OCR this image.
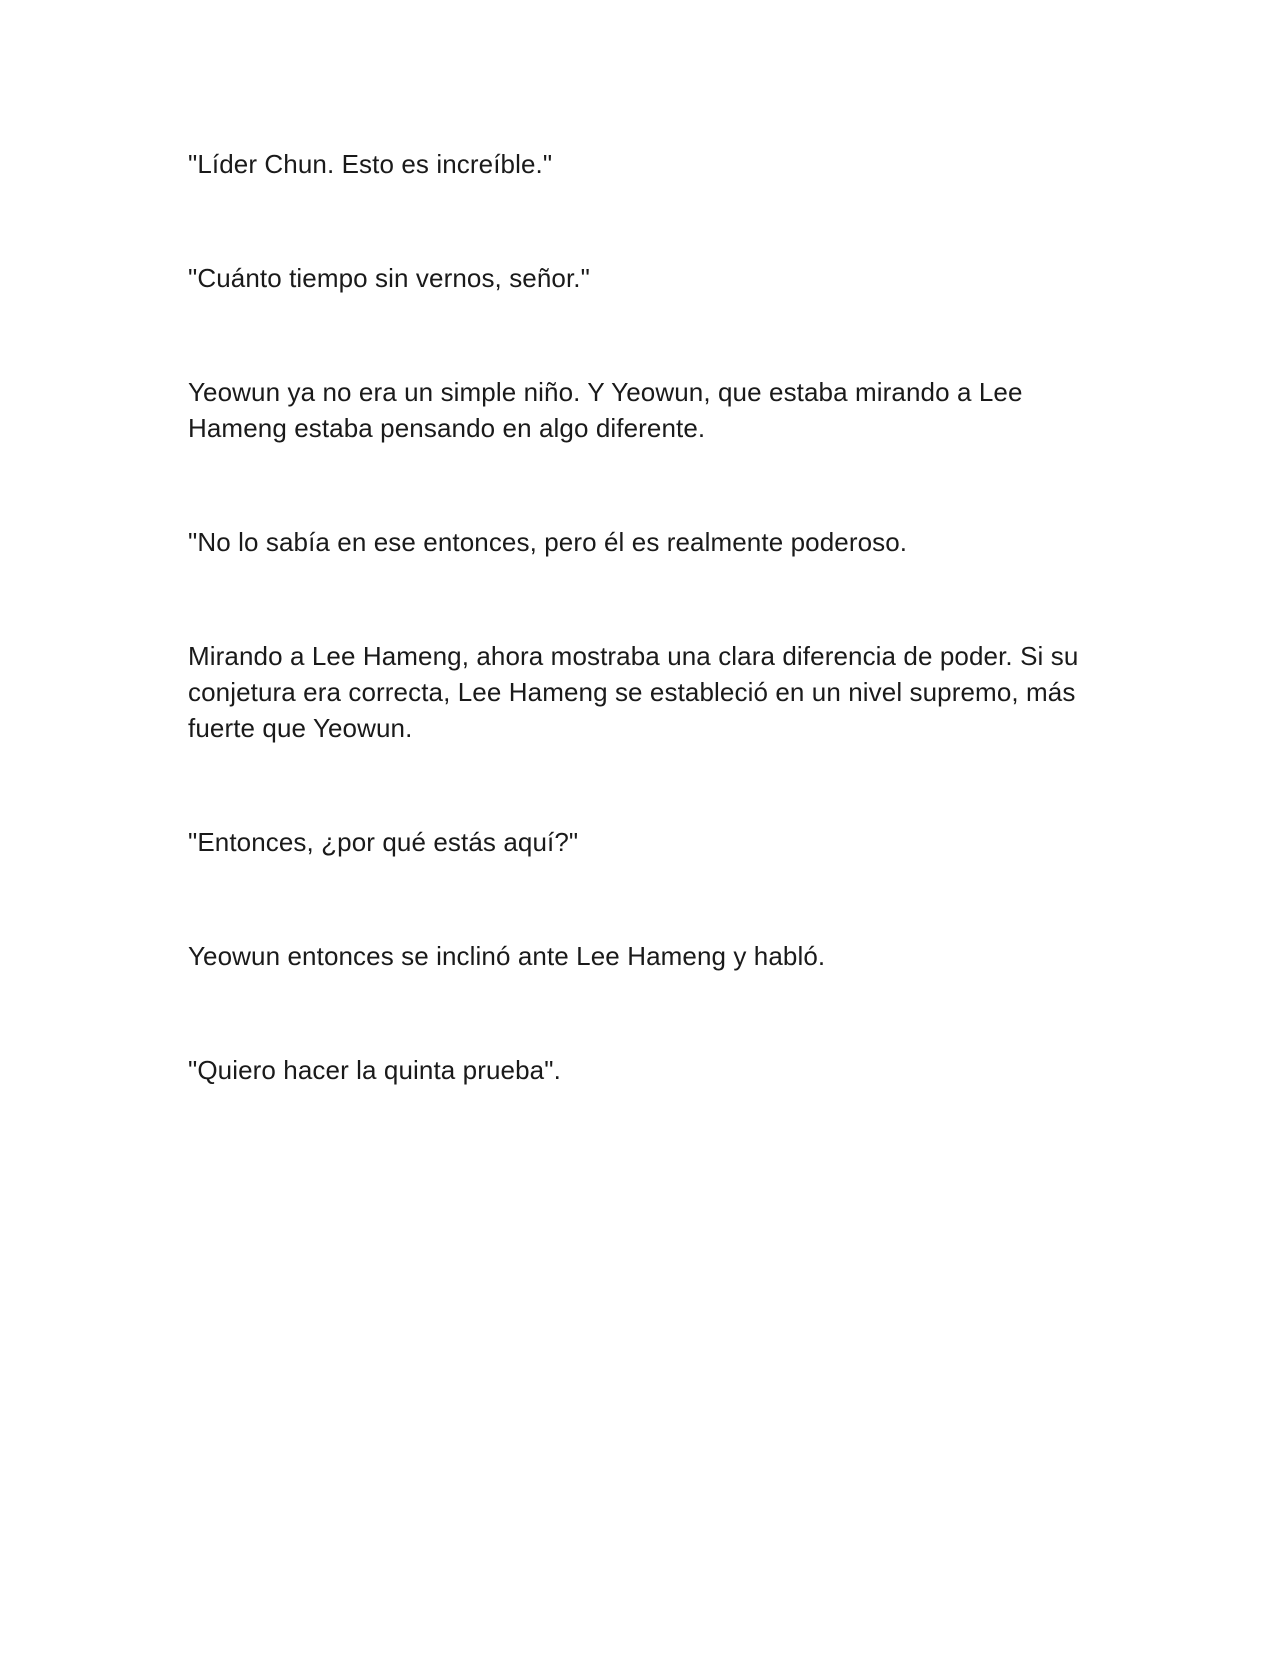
"Líder Chun. Esto es increíble."

"Cuánto tiempo sin vernos, señor."

Yeowun ya no era un simple niño. Y Yeowun, que estaba mirando a Lee Hameng estaba pensando en algo diferente.

"No lo sabía en ese entonces, pero él es realmente poderoso.

Mirando a Lee Hameng, ahora mostraba una clara diferencia de poder. Si su conjetura era correcta, Lee Hameng se estableció en un nivel supremo, más fuerte que Yeowun.

"Entonces, ¿por qué estás aquí?"

Yeowun entonces se inclinó ante Lee Hameng y habló.

"Quiero hacer la quinta prueba".
